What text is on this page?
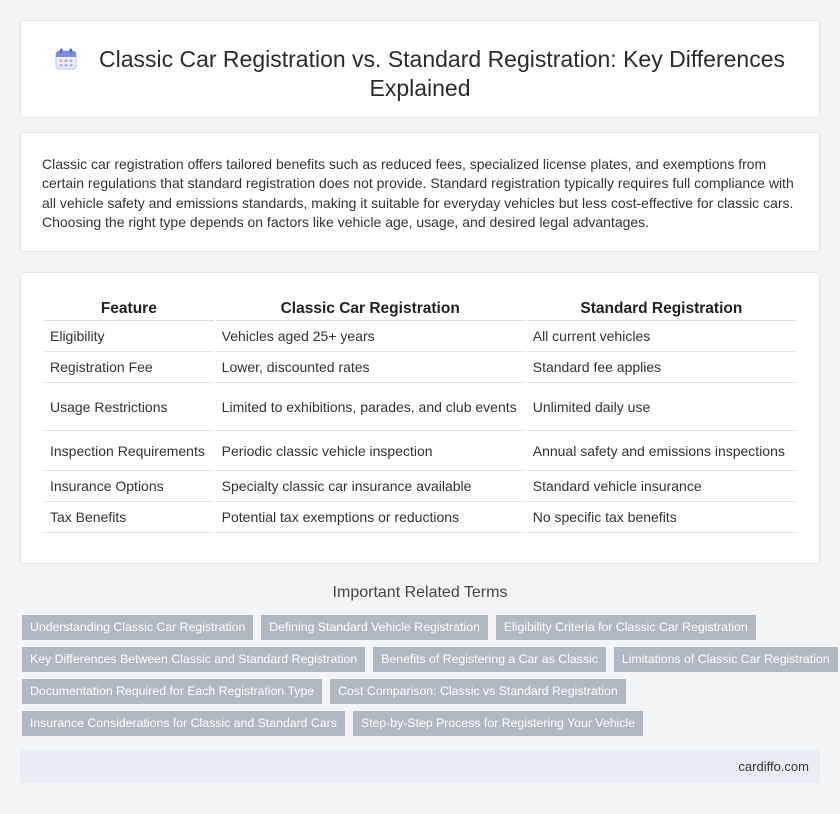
Classic Car Registration vs. Standard Registration: Key Differences Explained

Classic car registration offers tailored benefits such as reduced fees, specialized license plates, and exemptions from certain regulations that standard registration does not provide. Standard registration typically requires full compliance with all vehicle safety and emissions standards, making it suitable for everyday vehicles but less cost-effective for classic cars. Choosing the right type depends on factors like vehicle age, usage, and desired legal advantages.

Feature	Classic Car Registration	Standard Registration
Eligibility	Vehicles aged 25+ years	All current vehicles
Registration Fee	Lower, discounted rates	Standard fee applies
Usage Restrictions	Limited to exhibitions, parades, and club events	Unlimited daily use
Inspection Requirements	Periodic classic vehicle inspection	Annual safety and emissions inspections
Insurance Options	Specialty classic car insurance available	Standard vehicle insurance
Tax Benefits	Potential tax exemptions or reductions	No specific tax benefits
Important Related Terms
Understanding Classic Car Registration	Defining Standard Vehicle Registration	Eligibility Criteria for Classic Car Registration
Key Differences Between Classic and Standard Registration	Benefits of Registering a Car as Classic	Limitations of Classic Car Registration
Documentation Required for Each Registration Type	Cost Comparison: Classic vs Standard Registration
Insurance Considerations for Classic and Standard Cars	Step-by-Step Process for Registering Your Vehicle
cardiffo.com
